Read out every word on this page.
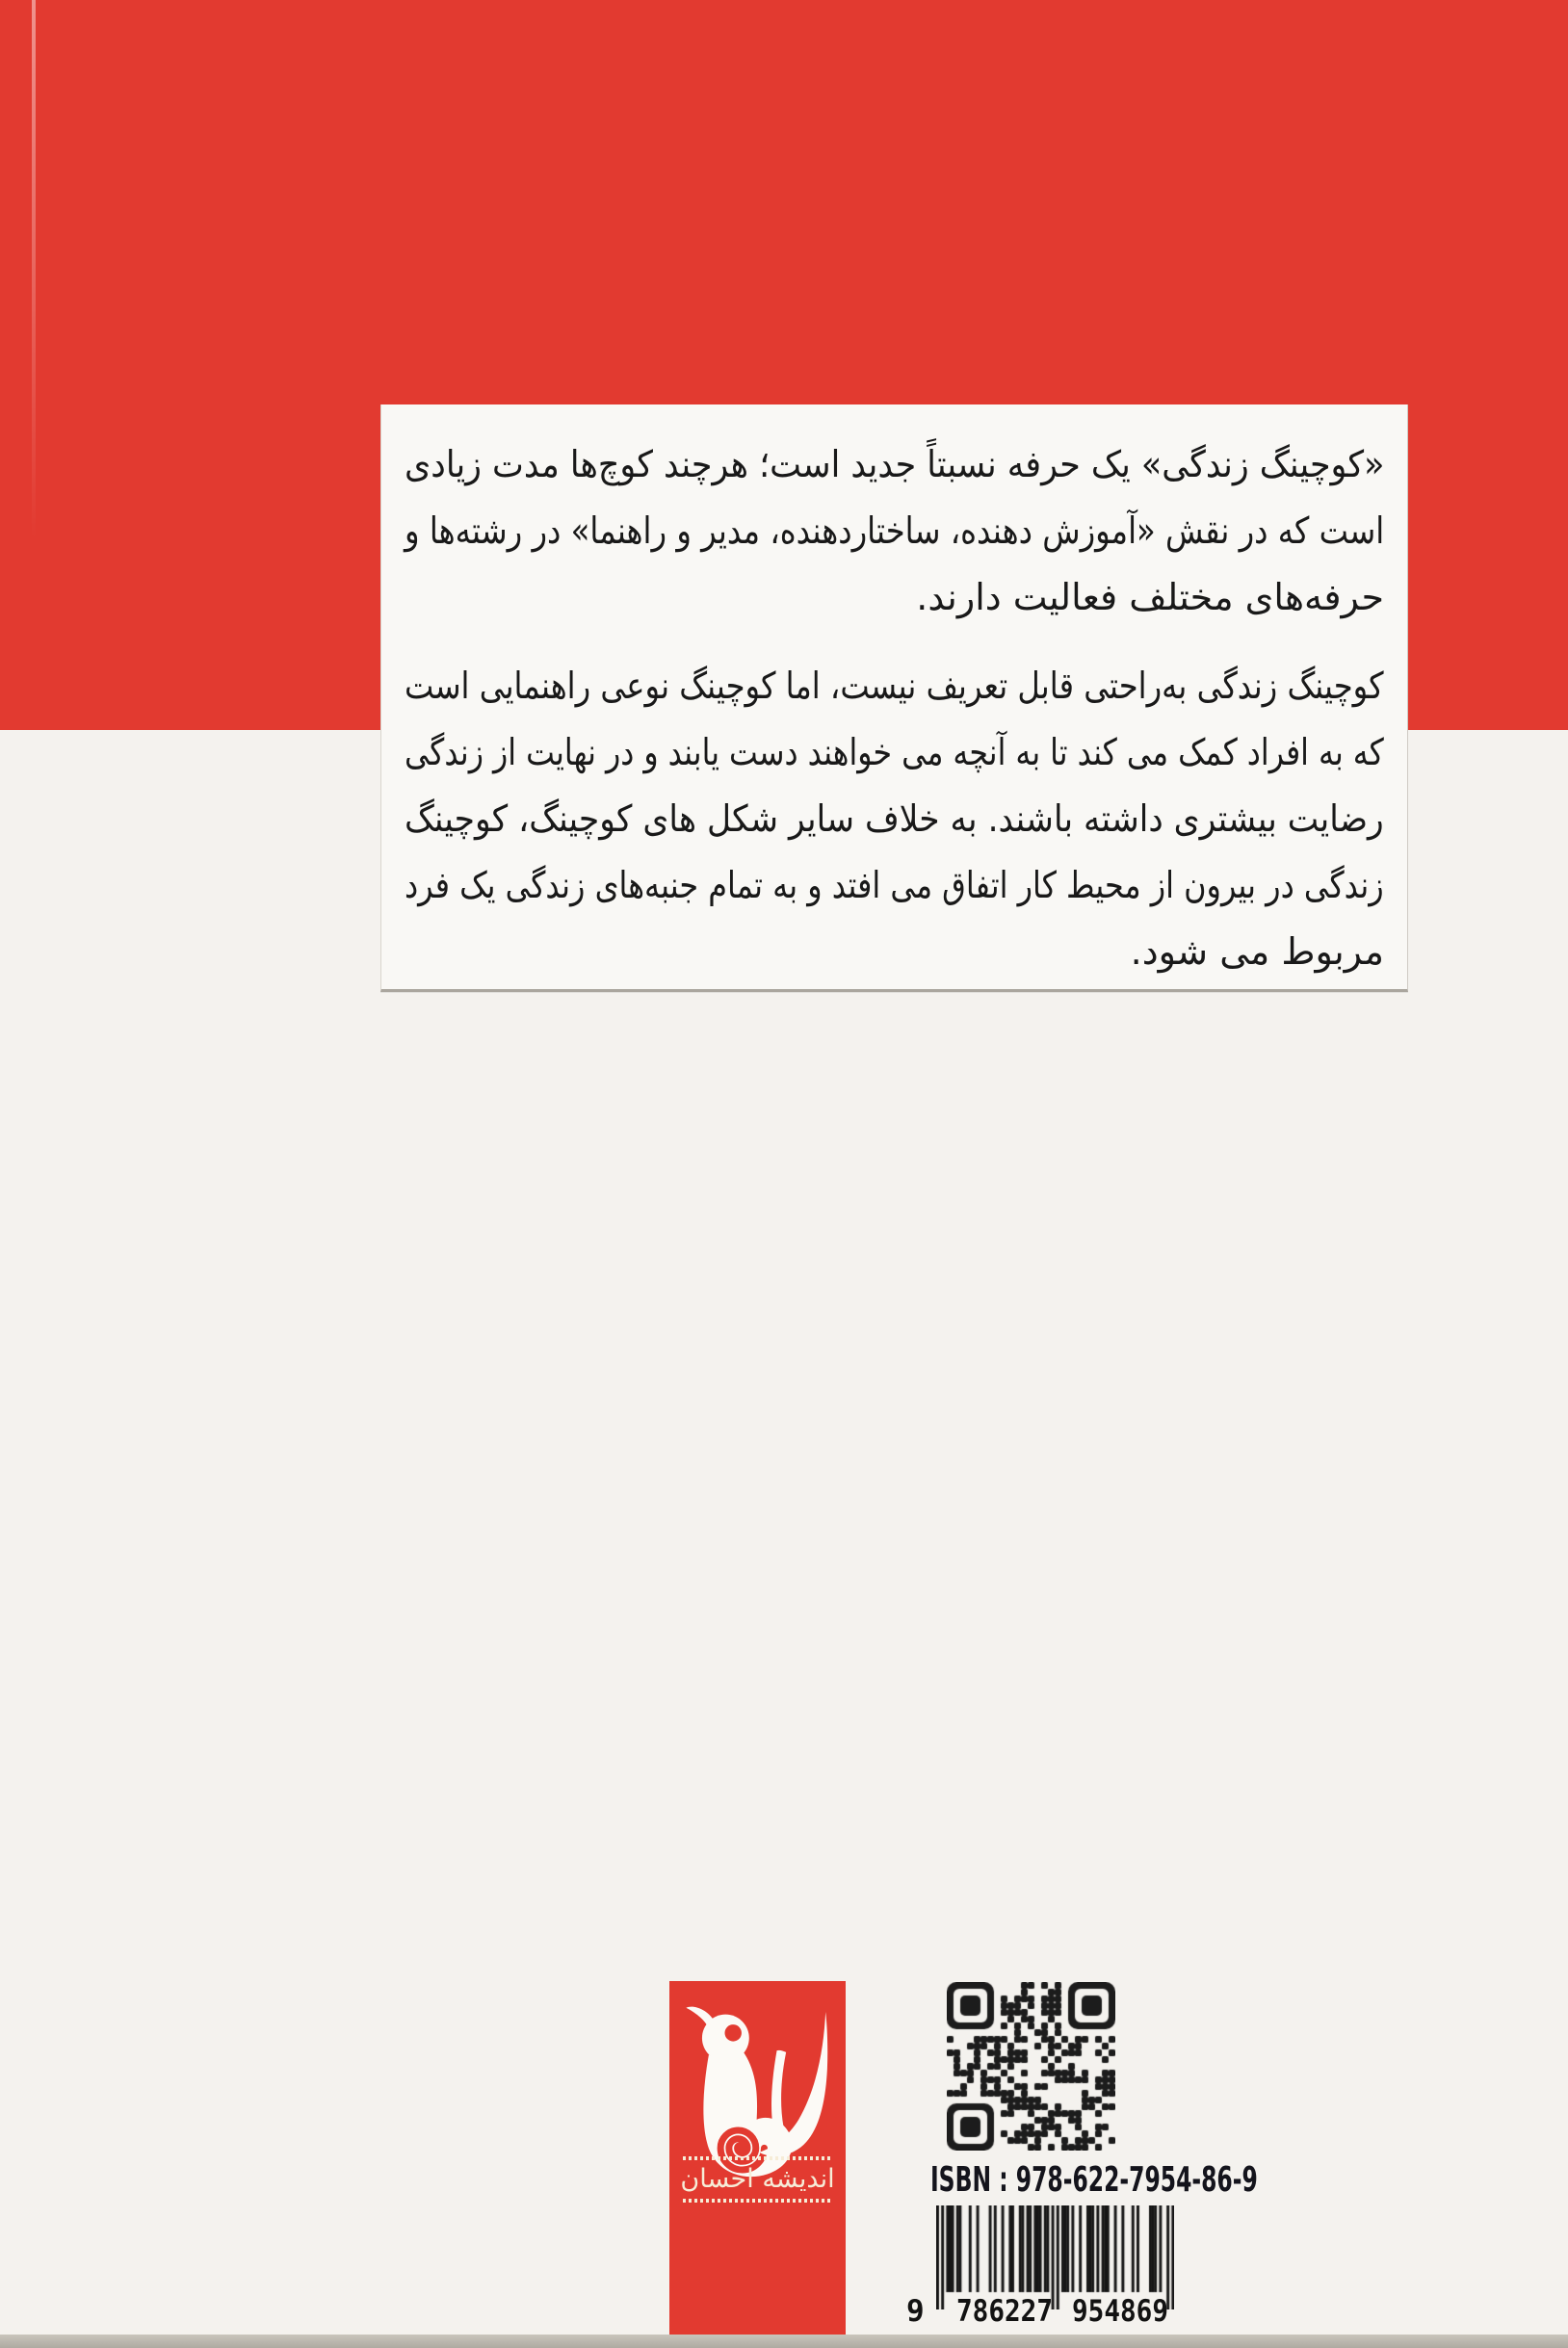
«کوچینگ زندگی» یک حرفه نسبتاً جدید است؛ هرچند کوچ‌ها مدت زیادی
است که در نقش «آموزش دهنده، ساختاردهنده، مدیر و راهنما» در رشته‌ها و
حرفه‌های مختلف فعالیت دارند.
کوچینگ زندگی به‌راحتی قابل تعریف نیست، اما کوچینگ نوعی راهنمایی است
که به افراد کمک می کند تا به آنچه می خواهند دست یابند و در نهایت از زندگی
رضایت بیشتری داشته باشند. به خلاف سایر شکل های کوچینگ، کوچینگ
زندگی در بیرون از محیط کار اتفاق می افتد و به تمام جنبه‌های زندگی یک فرد
مربوط می شود.
اندیشه احسان	ISBN : 978-622-7954-86-9
9	786227 954869
